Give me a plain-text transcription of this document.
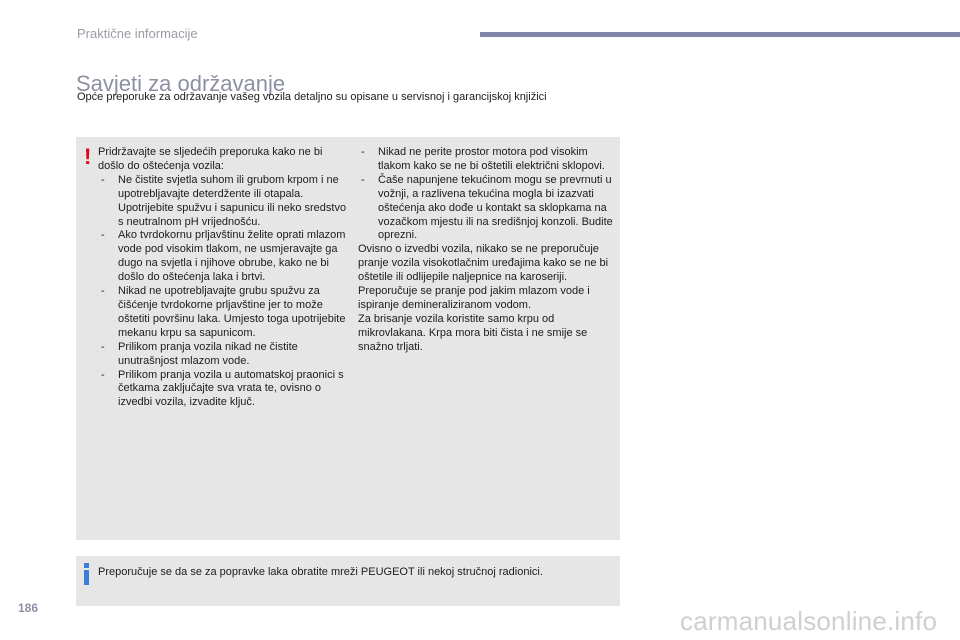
Praktične informacije
Savjeti za održavanje
Opće preporuke za održavanje vašeg vozila detaljno su opisane u servisnoj i garancijskoj knjižici
! Pridržavajte se sljedećih preporuka kako ne bi došlo do oštećenja vozila:

- Ne čistite svjetla suhom ili grubom krpom i ne upotrebljavajte deterdžente ili otapala. Upotrijebite spužvu i sapunicu ili neko sredstvo s neutralnom pH vrijednošću.
- Ako tvrdokornu prljavštinu želite oprati mlazom vode pod visokim tlakom, ne usmjeravajte ga dugo na svjetla i njihove obrube, kako ne bi došlo do oštećenja laka i brtvi.
- Nikad ne upotrebljavajte grubu spužvu za čišćenje tvrdokorne prljavštine jer to može oštetiti površinu laka. Umjesto toga upotrijebite mekanu krpu sa sapunicom.
- Prilikom pranja vozila nikad ne čistite unutrašnjost mlazom vode.
- Prilikom pranja vozila u automatskoj praonici s četkama zaključajte sva vrata te, ovisno o izvedbi vozila, izvadite ključ.
- Nikad ne perite prostor motora pod visokim tlakom kako se ne bi oštetili električni sklopovi.
- Čaše napunjene tekućinom mogu se prevrnuti u vožnji, a razlivena tekućina mogla bi izazvati oštećenja ako dođe u kontakt sa sklopkama na vozačkom mjestu ili na središnjoj konzoli. Budite oprezni.

Ovisno o izvedbi vozila, nikako se ne preporučuje pranje vozila visokotlačnim uređajima kako se ne bi oštetile ili odlijepile naljepnice na karoseriji. Preporučuje se pranje pod jakim mlazom vode i ispiranje demineraliziranom vodom.

Za brisanje vozila koristite samo krpu od mikrovlakana. Krpa mora biti čista i ne smije se snažno trljati.

Preporučuje se da se za popravke laka obratite mreži PEUGEOT ili nekoj stručnoj radionici.
186	carmanualsonline.info
